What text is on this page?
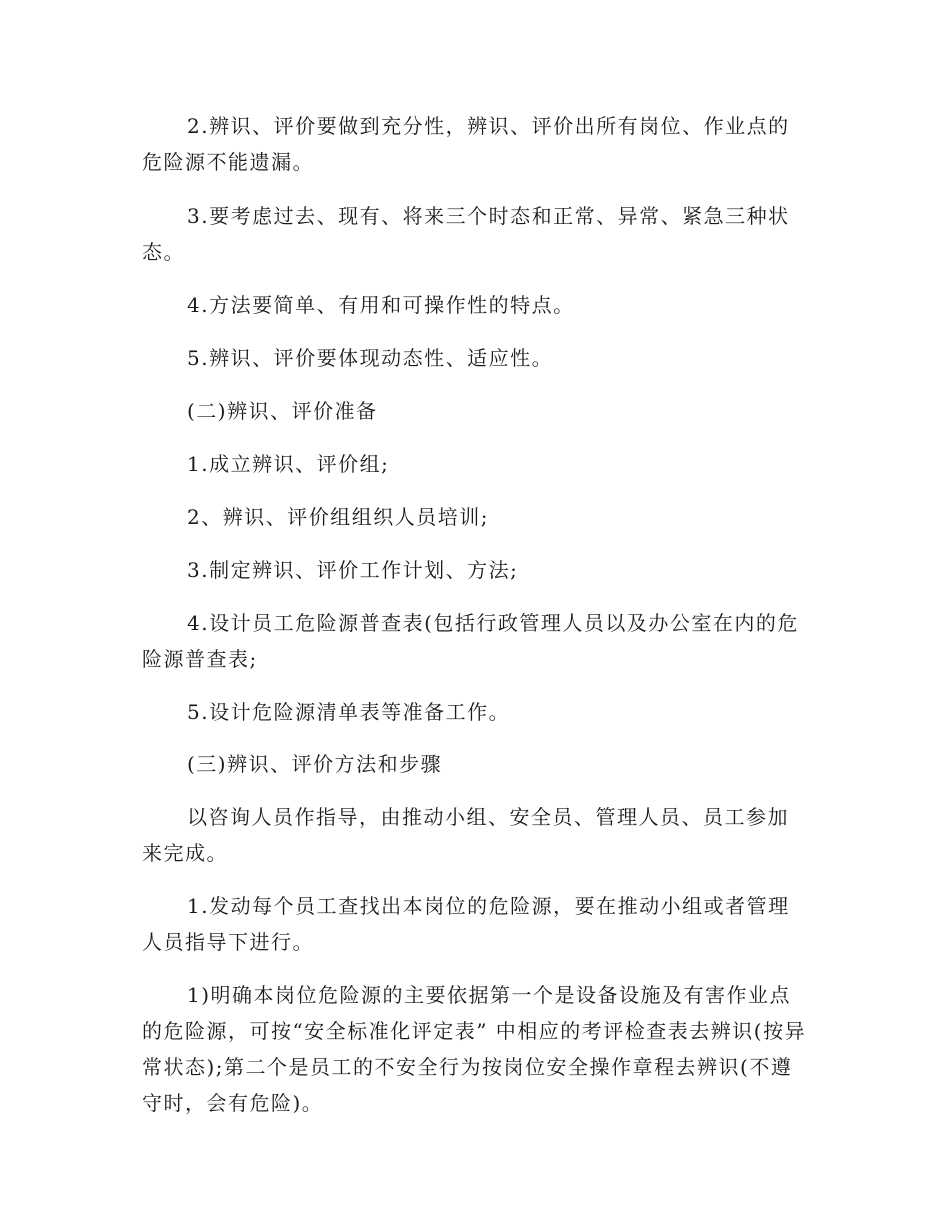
2.辨识、评价要做到充分性，辨识、评价出所有岗位、作业点的危险源不能遗漏。

3.要考虑过去、现有、将来三个时态和正常、异常、紧急三种状态。

4.方法要简单、有用和可操作性的特点。

5.辨识、评价要体现动态性、适应性。

(二)辨识、评价准备

1.成立辨识、评价组;

2、辨识、评价组组织人员培训;

3.制定辨识、评价工作计划、方法;

4.设计员工危险源普查表(包括行政管理人员以及办公室在内的危险源普查表;

5.设计危险源清单表等准备工作。

(三)辨识、评价方法和步骤

以咨询人员作指导，由推动小组、安全员、管理人员、员工参加来完成。

1.发动每个员工查找出本岗位的危险源，要在推动小组或者管理人员指导下进行。

1)明确本岗位危险源的主要依据第一个是设备设施及有害作业点的危险源，可按“安全标准化评定表” 中相应的考评检查表去辨识(按异常状态);第二个是员工的不安全行为按岗位安全操作章程去辨识(不遵守时，会有危险)。
